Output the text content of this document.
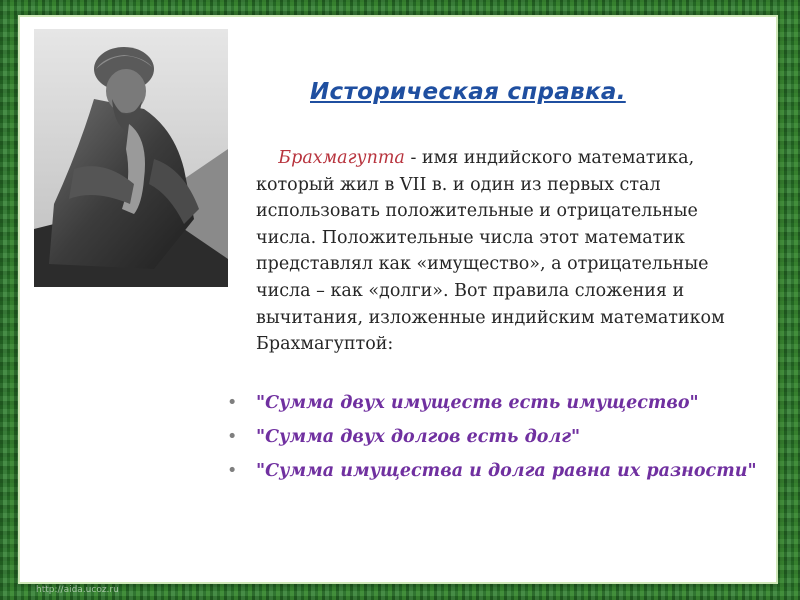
Историческая справка.

Брахмагупта - имя индийского математика, который жил в VII в. и один из первых стал использовать положительные и отрицательные числа. Положительные числа этот математик представлял как «имущество», а отрицательные числа – как «долги». Вот правила сложения и вычитания, изложенные индийским математиком Брахмагуптой:

• "Сумма двух имуществ есть имущество"
• "Сумма двух долгов есть долг"
• "Сумма имущества и долга равна их разности"
http://aida.ucoz.ru
